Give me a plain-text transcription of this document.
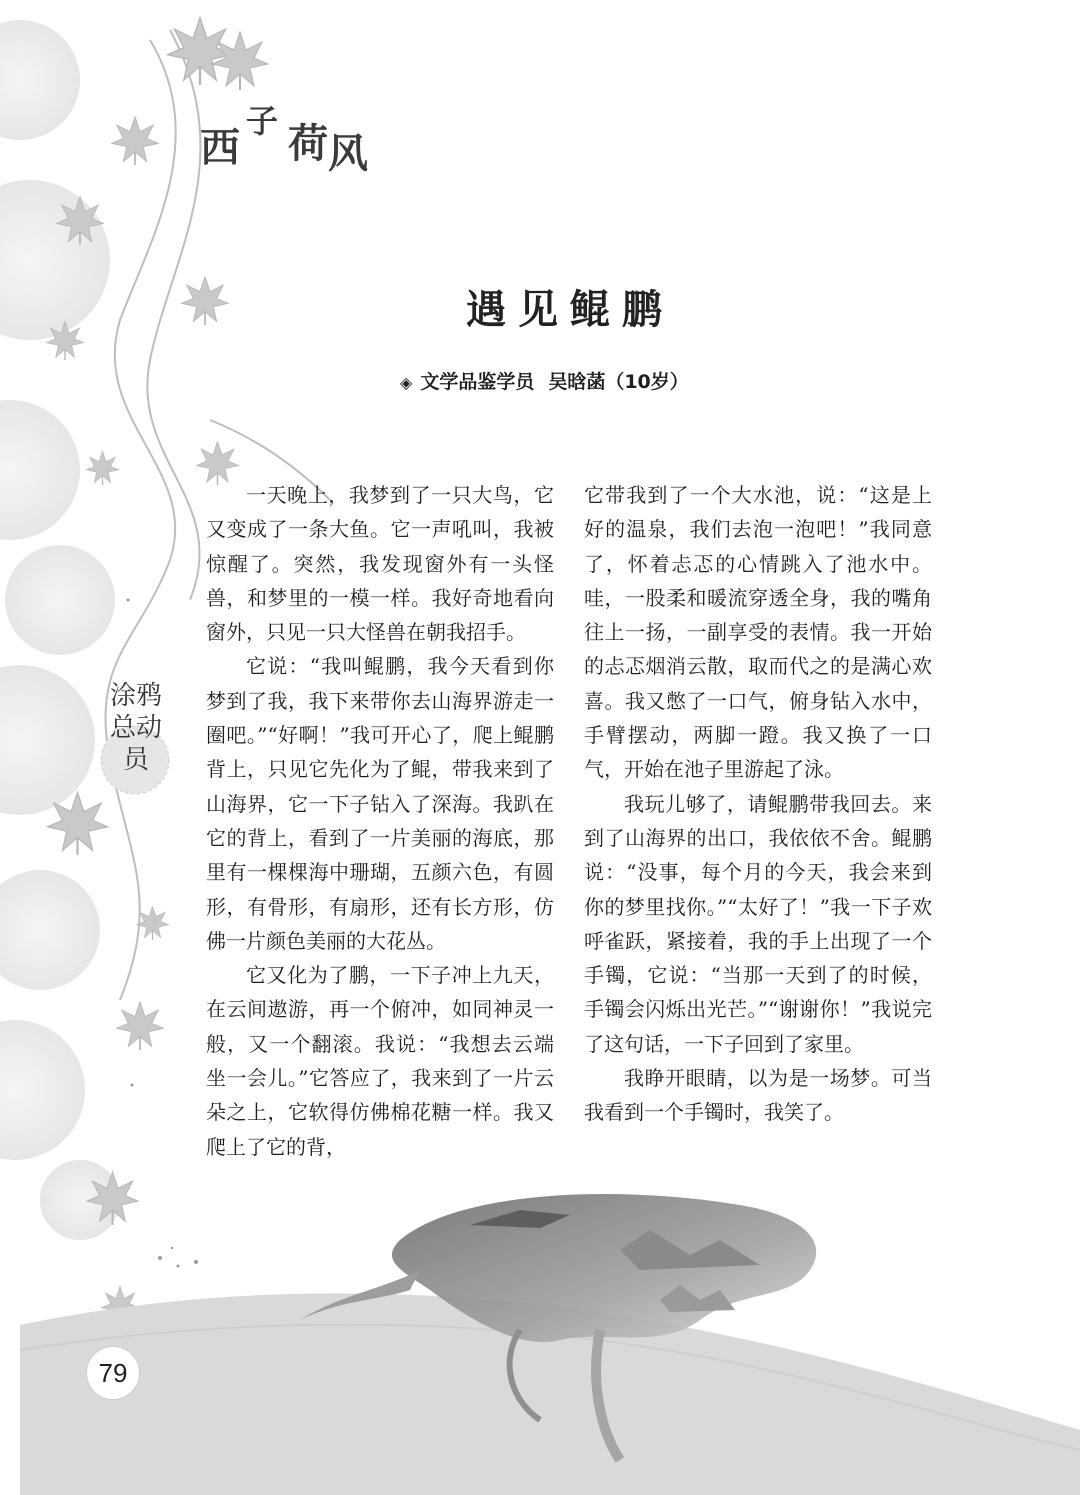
西
子 荷 风
遇见鲲鹏
◈ 文学品鉴学员 吴晗菡（10岁）

一天晚上，我梦到了一只大鸟，它又变成了一条大鱼。它一声吼叫，我被惊醒了。突然，我发现窗外有一头怪兽，和梦里的一模一样。我好奇地看向窗外，只见一只大怪兽在朝我招手。

它说：“我叫鲲鹏，我今天看到你梦到了我，我下来带你去山海界游走一圈吧。”“好啊！”我可开心了，爬上鲲鹏背上，只见它先化为了鲲，带我来到了山海界，它一下子钻入了深海。我趴在它的背上，看到了一片美丽的海底，那里有一棵棵海中珊瑚，五颜六色，有圆形，有骨形，有扇形，还有长方形，仿佛一片颜色美丽的大花丛。

它又化为了鹏，一下子冲上九天，在云间遨游，再一个俯冲，如同神灵一般，又一个翻滚。我说：“我想去云端坐一会儿。”它答应了，我来到了一片云朵之上，它软得仿佛棉花糖一样。我又爬上了它的背，

它带我到了一个大水池，说：“这是上好的温泉，我们去泡一泡吧！”我同意了，怀着忐忑的心情跳入了池水中。哇，一股柔和暖流穿透全身，我的嘴角往上一扬，一副享受的表情。我一开始的忐忑烟消云散，取而代之的是满心欢喜。我又憋了一口气，俯身钻入水中，手臂摆动，两脚一蹬。我又换了一口气，开始在池子里游起了泳。

我玩儿够了，请鲲鹏带我回去。来到了山海界的出口，我依依不舍。鲲鹏说：“没事，每个月的今天，我会来到你的梦里找你。”“太好了！”我一下子欢呼雀跃，紧接着，我的手上出现了一个手镯，它说：“当那一天到了的时候，手镯会闪烁出光芒。”“谢谢你！”我说完了这句话，一下子回到了家里。

我睁开眼睛，以为是一场梦。可当我看到一个手镯时，我笑了。

涂鸦总动员
79
